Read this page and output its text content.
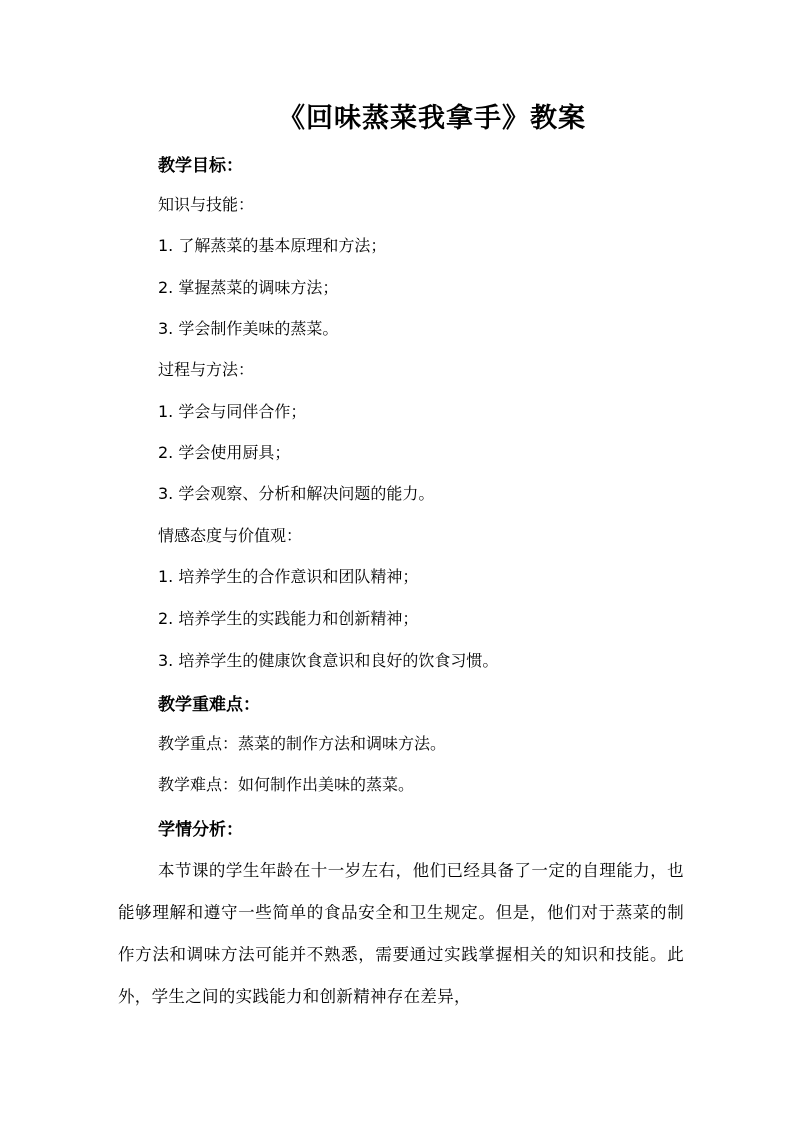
《回味蒸菜我拿手》教案
教学目标：
知识与技能：
1. 了解蒸菜的基本原理和方法；
2. 掌握蒸菜的调味方法；
3. 学会制作美味的蒸菜。
过程与方法：
1. 学会与同伴合作；
2. 学会使用厨具；
3. 学会观察、分析和解决问题的能力。
情感态度与价值观：
1. 培养学生的合作意识和团队精神；
2. 培养学生的实践能力和创新精神；
3. 培养学生的健康饮食意识和良好的饮食习惯。
教学重难点：
教学重点：蒸菜的制作方法和调味方法。
教学难点：如何制作出美味的蒸菜。
学情分析：
本节课的学生年龄在十一岁左右，他们已经具备了一定的自理能力，也能够理解和遵守一些简单的食品安全和卫生规定。但是，他们对于蒸菜的制作方法和调味方法可能并不熟悉，需要通过实践掌握相关的知识和技能。此外，学生之间的实践能力和创新精神存在差异，
